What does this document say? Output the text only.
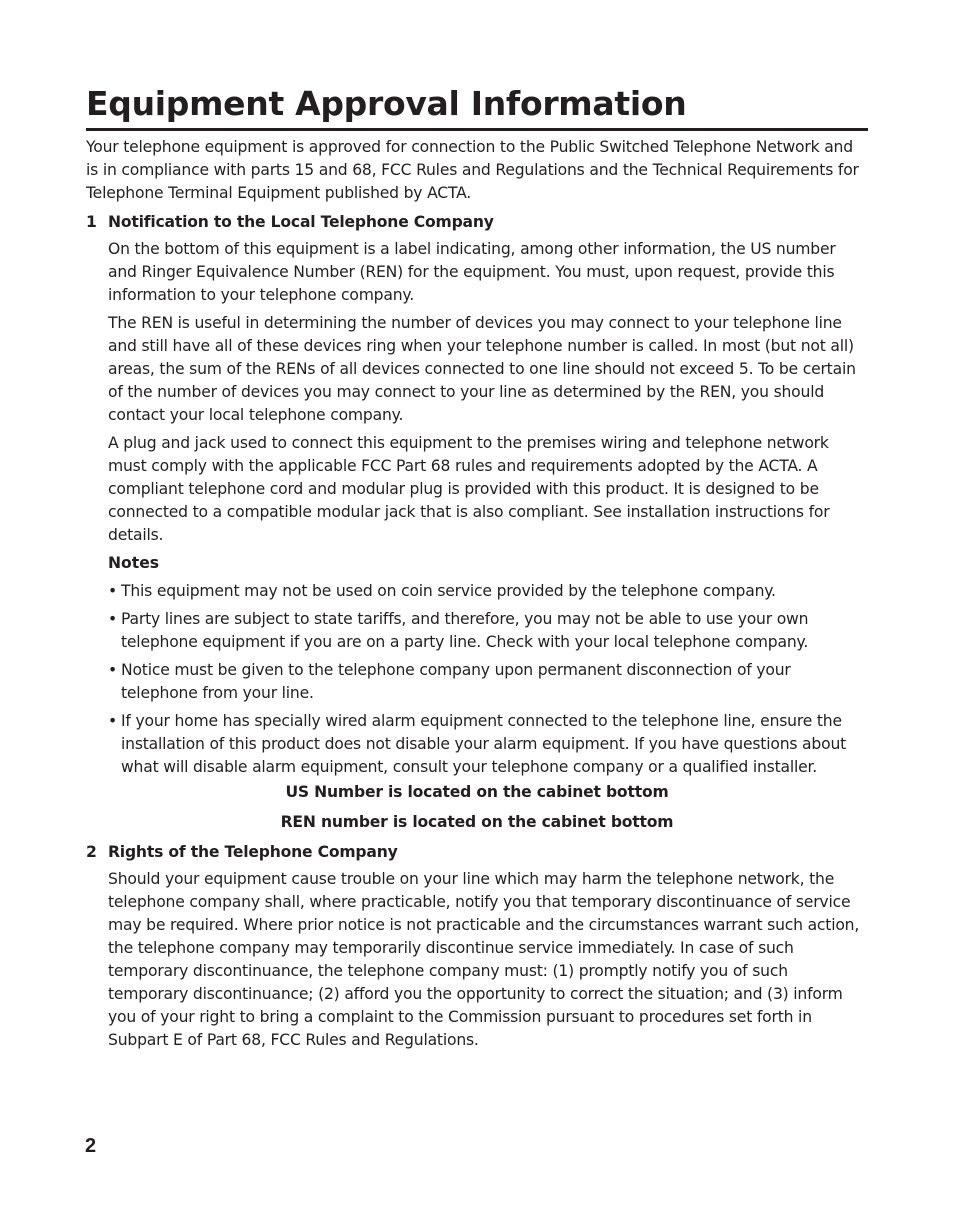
Equipment Approval Information

Your telephone equipment is approved for connection to the Public Switched Telephone Network and is in compliance with parts 15 and 68, FCC Rules and Regulations and the Technical Requirements for Telephone Terminal Equipment published by ACTA.

1 Notification to the Local Telephone Company

On the bottom of this equipment is a label indicating, among other information, the US number and Ringer Equivalence Number (REN) for the equipment. You must, upon request, provide this information to your telephone company.

The REN is useful in determining the number of devices you may connect to your telephone line and still have all of these devices ring when your telephone number is called. In most (but not all) areas, the sum of the RENs of all devices connected to one line should not exceed 5. To be certain of the number of devices you may connect to your line as determined by the REN, you should contact your local telephone company.

A plug and jack used to connect this equipment to the premises wiring and telephone network must comply with the applicable FCC Part 68 rules and requirements adopted by the ACTA. A compliant telephone cord and modular plug is provided with this product. It is designed to be connected to a compatible modular jack that is also compliant. See installation instructions for details.

Notes
• This equipment may not be used on coin service provided by the telephone company.
• Party lines are subject to state tariffs, and therefore, you may not be able to use your own telephone equipment if you are on a party line. Check with your local telephone company.
• Notice must be given to the telephone company upon permanent disconnection of your telephone from your line.
• If your home has specially wired alarm equipment connected to the telephone line, ensure the installation of this product does not disable your alarm equipment. If you have questions about what will disable alarm equipment, consult your telephone company or a qualified installer.
US Number is located on the cabinet bottom
REN number is located on the cabinet bottom
2 Rights of the Telephone Company

Should your equipment cause trouble on your line which may harm the telephone network, the telephone company shall, where practicable, notify you that temporary discontinuance of service may be required. Where prior notice is not practicable and the circumstances warrant such action, the telephone company may temporarily discontinue service immediately. In case of such temporary discontinuance, the telephone company must: (1) promptly notify you of such temporary discontinuance; (2) afford you the opportunity to correct the situation; and (3) inform you of your right to bring a complaint to the Commission pursuant to procedures set forth in Subpart E of Part 68, FCC Rules and Regulations.

2
